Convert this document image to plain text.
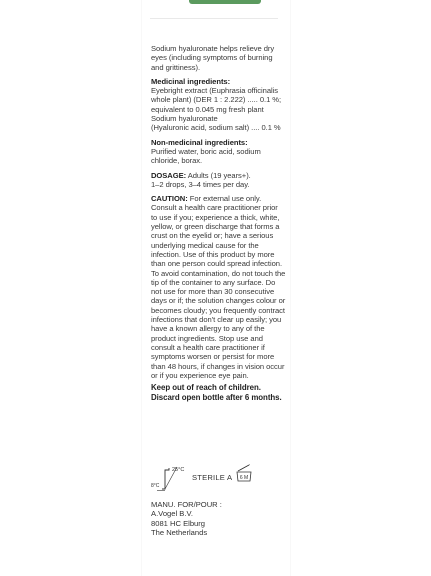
Sodium hyaluronate helps relieve dry eyes (including symptoms of burning and grittiness).

Medicinal ingredients:

Eyebright extract (Euphrasia officinalis whole plant) (DER 1 : 2.222) ..... 0.1 %;

equivalent to 0.045 mg fresh plant

Sodium hyaluronate

(Hyaluronic acid, sodium salt) .... 0.1 %

Non-medicinal ingredients:

Purified water, boric acid, sodium chloride, borax.

DOSAGE: Adults (19 years+).

1–2 drops, 3–4 times per day.

CAUTION: For external use only. Consult a health care practitioner prior to use if you; experience a thick, white, yellow, or green discharge that forms a crust on the eyelid or; have a serious underlying medical cause for the infection. Use of this product by more than one person could spread infection. To avoid contamination, do not touch the tip of the container to any surface. Do not use for more than 30 consecutive days or if; the solution changes colour or becomes cloudy; you frequently contract infections that don't clear up easily; you have a known allergy to any of the product ingredients. Stop use and consult a health care practitioner if symptoms worsen or persist for more than 48 hours, if changes in vision occur or if you experience eye pain.

Keep out of reach of children.

Discard open bottle after 6 months.

25°C
8°C
STERILE A 6 M
MANU. FOR/POUR :
A.Vogel B.V.
8081 HC Elburg
The Netherlands
